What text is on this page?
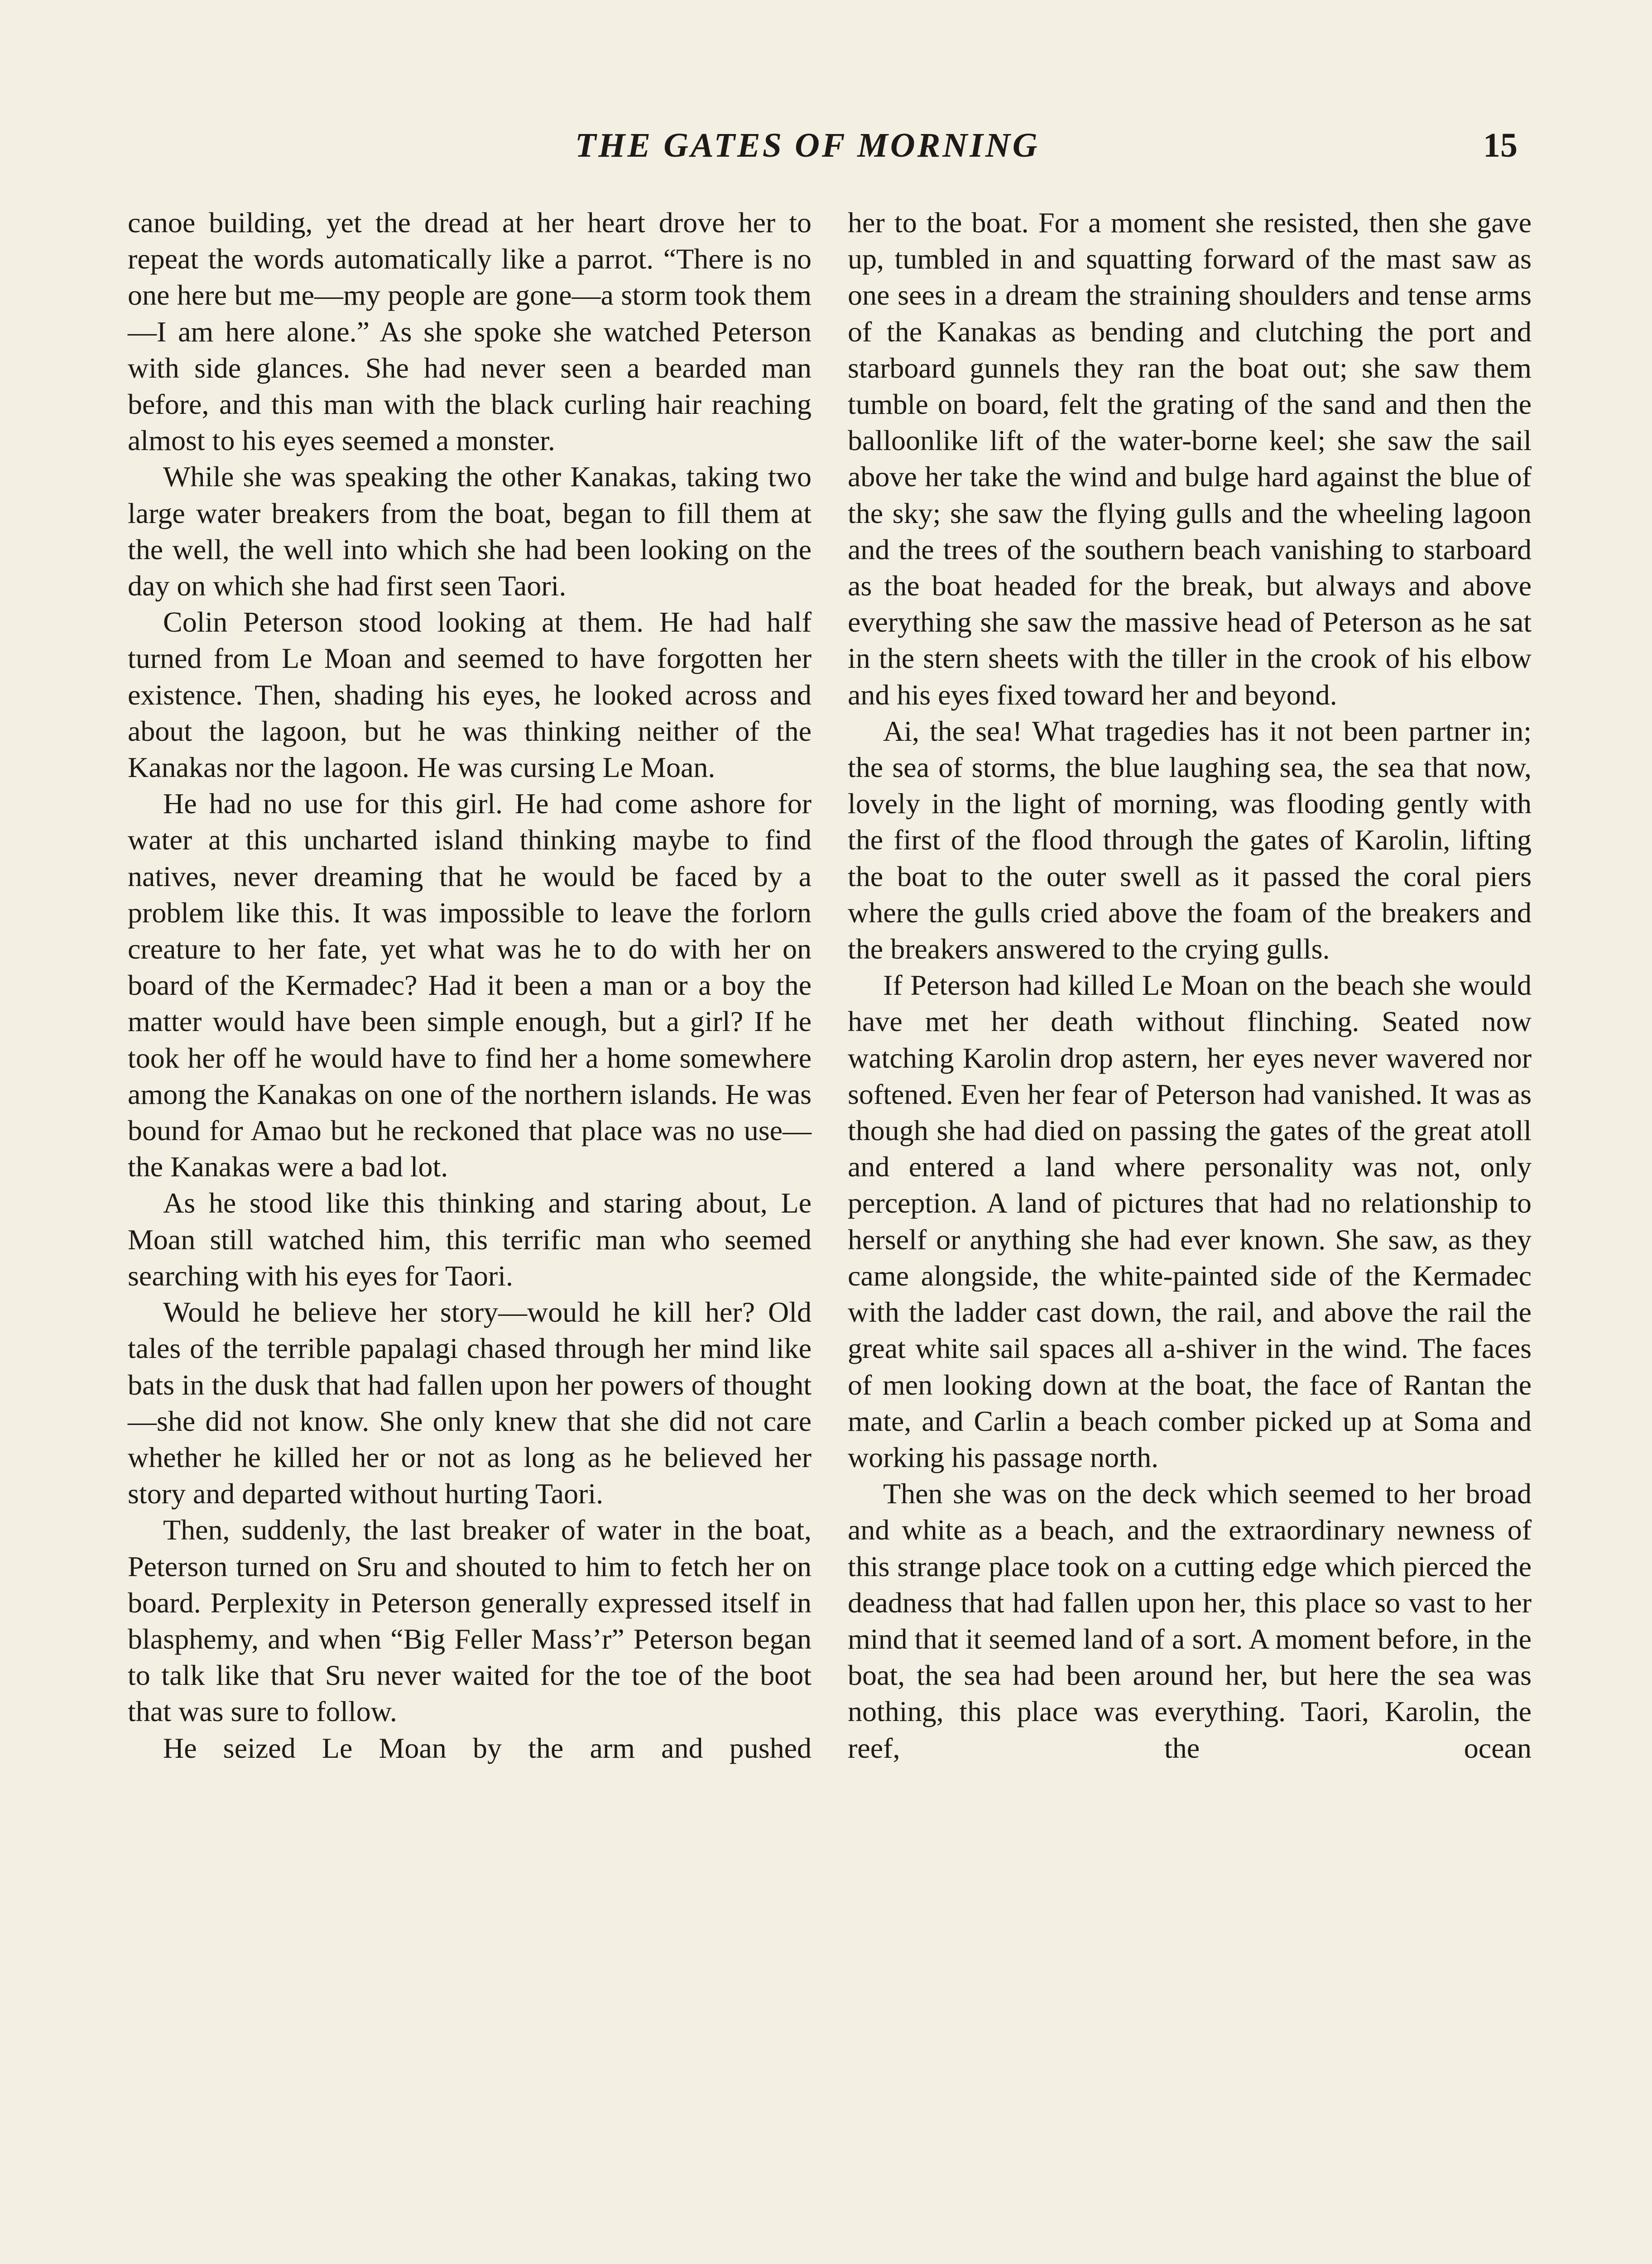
THE GATES OF MORNING	15

canoe building, yet the dread at her heart drove her to repeat the words automatically like a parrot. “There is no one here but me—my people are gone—a storm took them—I am here alone.” As she spoke she watched Peterson with side glances. She had never seen a bearded man before, and this man with the black curling hair reaching almost to his eyes seemed a monster.

While she was speaking the other Kanakas, taking two large water breakers from the boat, began to fill them at the well, the well into which she had been looking on the day on which she had first seen Taori.

Colin Peterson stood looking at them. He had half turned from Le Moan and seemed to have forgotten her existence. Then, shading his eyes, he looked across and about the lagoon, but he was thinking neither of the Kanakas nor the lagoon. He was cursing Le Moan.

He had no use for this girl. He had come ashore for water at this uncharted island thinking maybe to find natives, never dreaming that he would be faced by a problem like this. It was impossible to leave the forlorn creature to her fate, yet what was he to do with her on board of the Kermadec? Had it been a man or a boy the matter would have been simple enough, but a girl? If he took her off he would have to find her a home somewhere among the Kanakas on one of the northern islands. He was bound for Amao but he reckoned that place was no use—the Kanakas were a bad lot.

As he stood like this thinking and staring about, Le Moan still watched him, this terrific man who seemed searching with his eyes for Taori.

Would he believe her story—would he kill her? Old tales of the terrible papalagi chased through her mind like bats in the dusk that had fallen upon her powers of thought—she did not know. She only knew that she did not care whether he killed her or not as long as he believed her story and departed without hurting Taori.

Then, suddenly, the last breaker of water in the boat, Peterson turned on Sru and shouted to him to fetch her on board. Perplexity in Peterson generally expressed itself in blasphemy, and when “Big Feller Mass’r” Peterson began to talk like that Sru never waited for the toe of the boot that was sure to follow.

He seized Le Moan by the arm and pushed

her to the boat. For a moment she resisted, then she gave up, tumbled in and squatting forward of the mast saw as one sees in a dream the straining shoulders and tense arms of the Kanakas as bending and clutching the port and starboard gunnels they ran the boat out; she saw them tumble on board, felt the grating of the sand and then the balloonlike lift of the water-borne keel; she saw the sail above her take the wind and bulge hard against the blue of the sky; she saw the flying gulls and the wheeling lagoon and the trees of the southern beach vanishing to starboard as the boat headed for the break, but always and above everything she saw the massive head of Peterson as he sat in the stern sheets with the tiller in the crook of his elbow and his eyes fixed toward her and beyond.

Ai, the sea! What tragedies has it not been partner in; the sea of storms, the blue laughing sea, the sea that now, lovely in the light of morning, was flooding gently with the first of the flood through the gates of Karolin, lifting the boat to the outer swell as it passed the coral piers where the gulls cried above the foam of the breakers and the breakers answered to the crying gulls.

If Peterson had killed Le Moan on the beach she would have met her death without flinching. Seated now watching Karolin drop astern, her eyes never wavered nor softened. Even her fear of Peterson had vanished. It was as though she had died on passing the gates of the great atoll and entered a land where personality was not, only perception. A land of pictures that had no relationship to herself or anything she had ever known. She saw, as they came alongside, the white-painted side of the Kermadec with the ladder cast down, the rail, and above the rail the great white sail spaces all a-shiver in the wind. The faces of men looking down at the boat, the face of Rantan the mate, and Carlin a beach comber picked up at Soma and working his passage north.

Then she was on the deck which seemed to her broad and white as a beach, and the extraordinary newness of this strange place took on a cutting edge which pierced the deadness that had fallen upon her, this place so vast to her mind that it seemed land of a sort. A moment before, in the boat, the sea had been around her, but here the sea was nothing, this place was everything. Taori, Karolin, the reef, the ocean
